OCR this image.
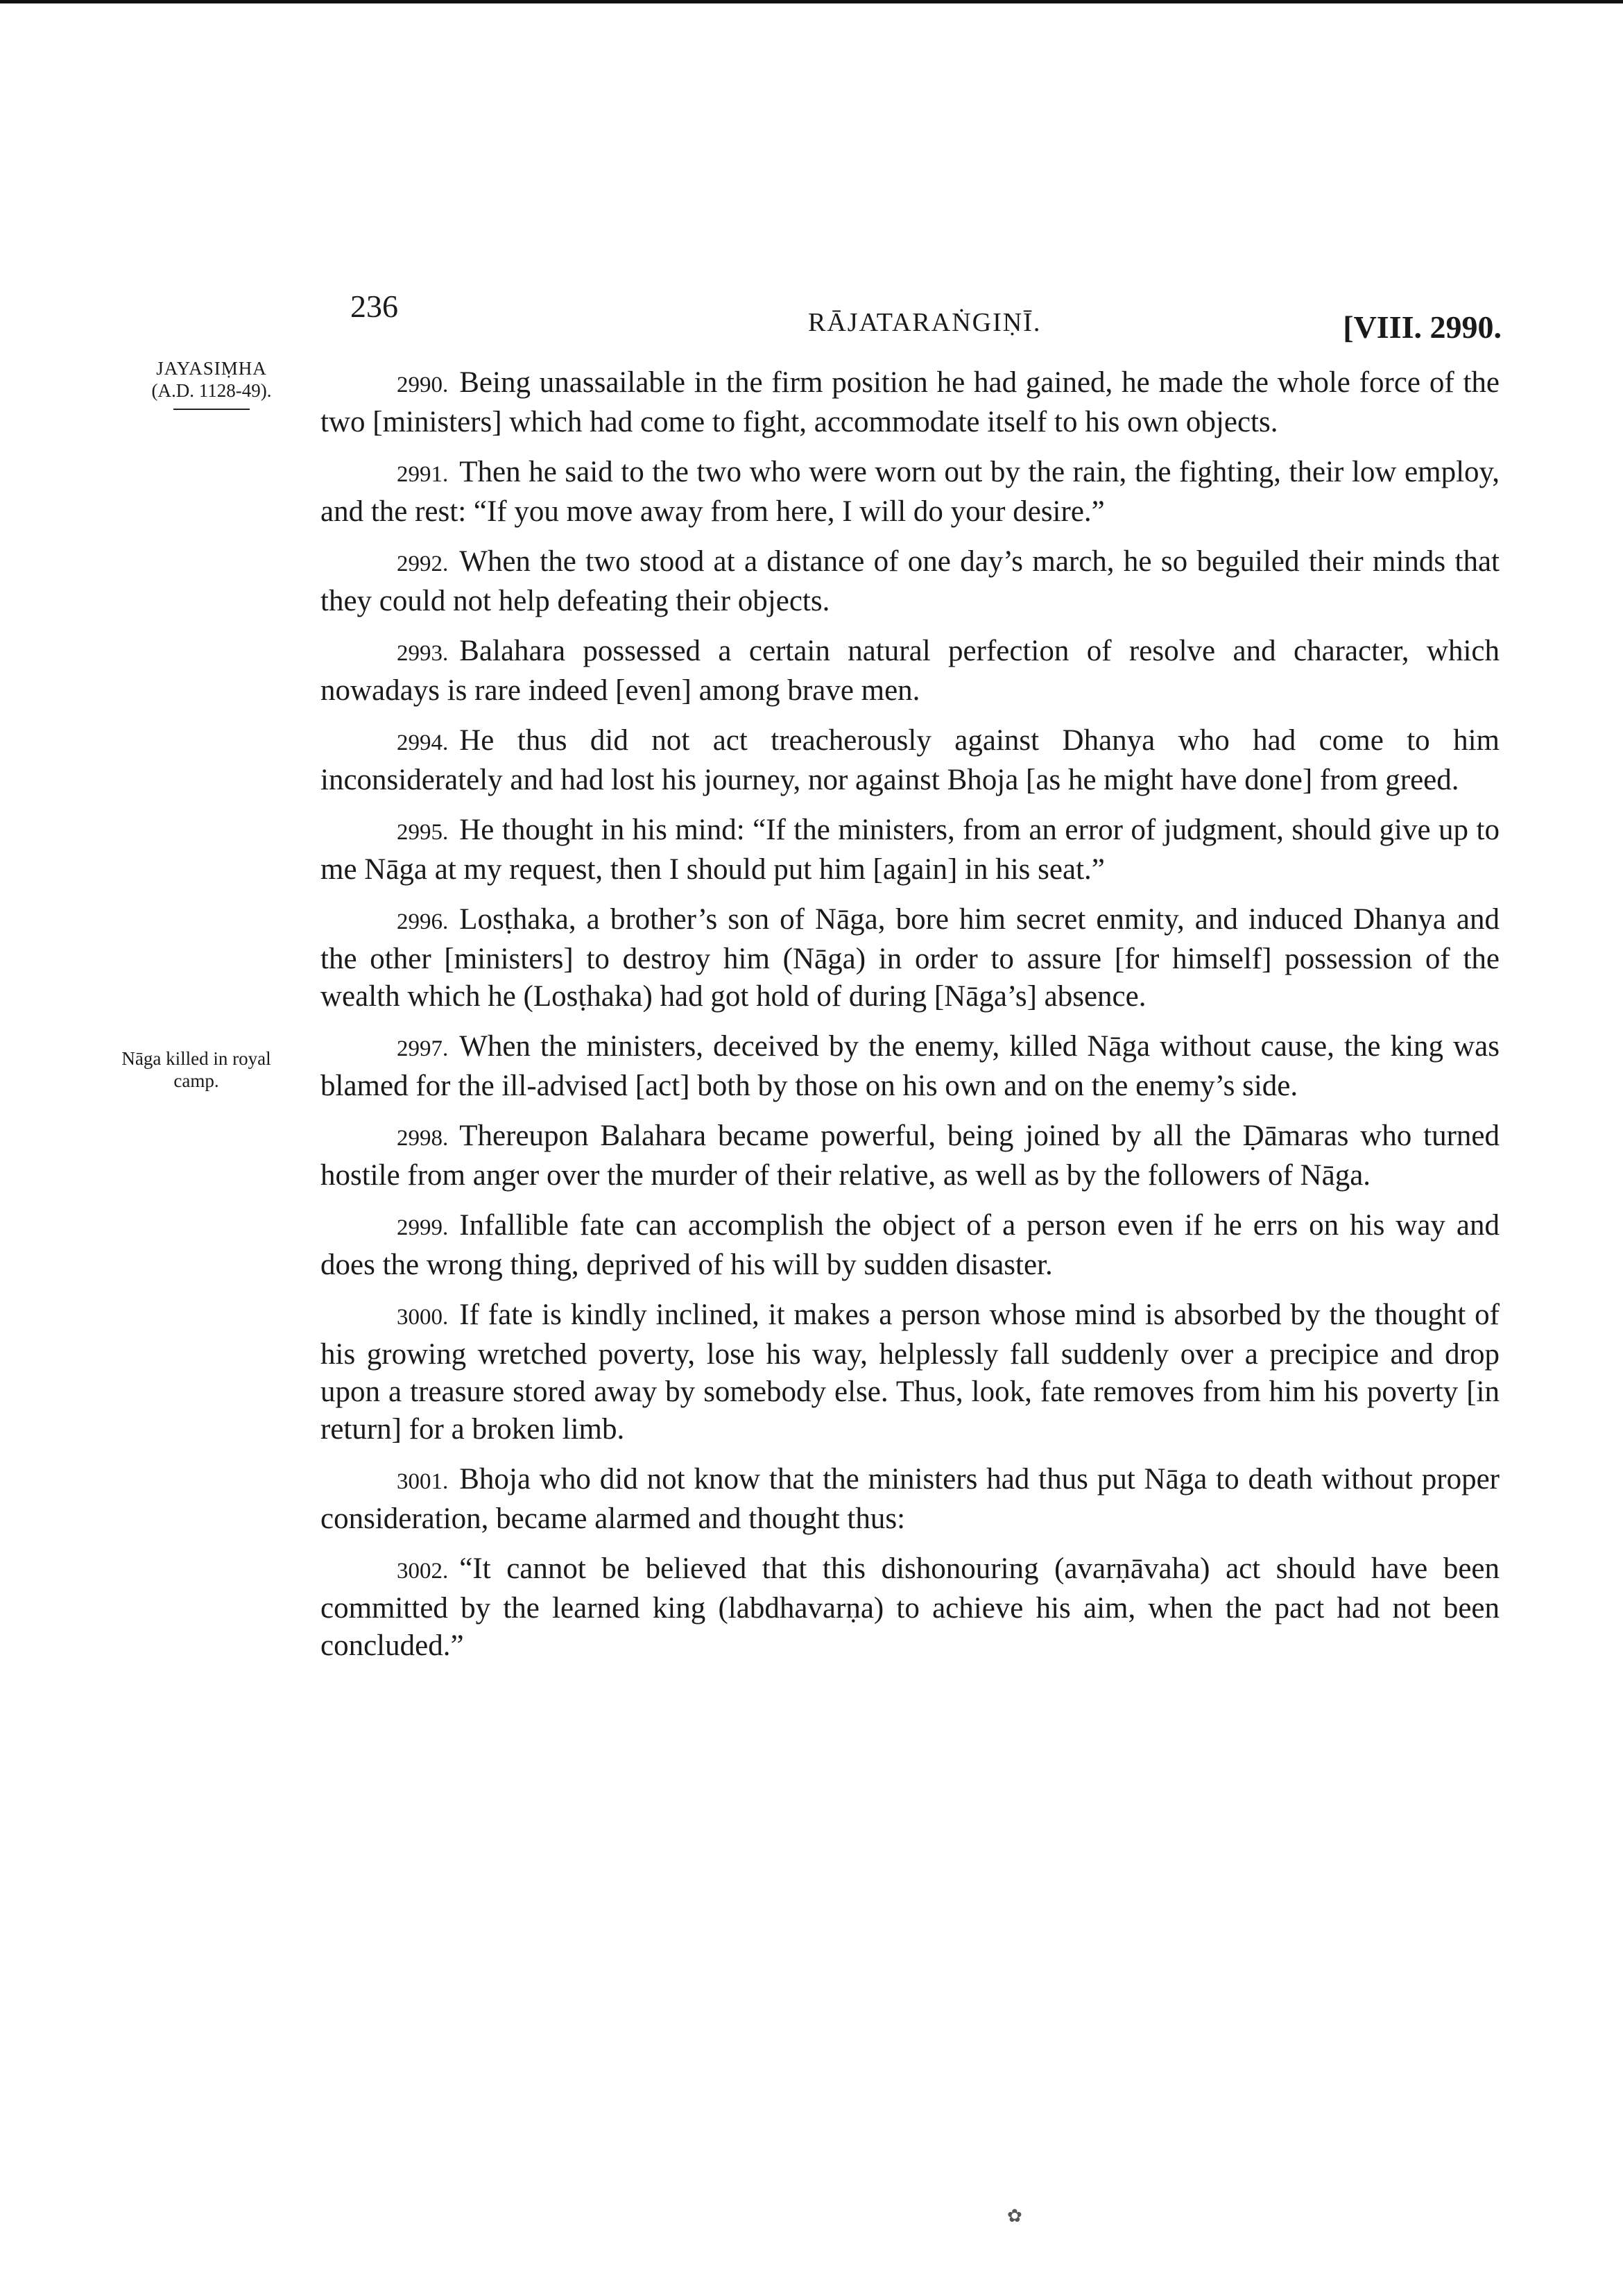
236	RĀJATARAṄGIṆĪ.	[VIII. 2990.
JAYASIṂHA
(A.D. 1128-49).
Nāga killed in royal
camp.

2990. Being unassailable in the firm position he had gained, he made the whole force of the two [ministers] which had come to fight, accommodate itself to his own objects.

2991. Then he said to the two who were worn out by the rain, the fighting, their low employ, and the rest: “If you move away from here, I will do your desire.”

2992. When the two stood at a distance of one day’s march, he so beguiled their minds that they could not help defeating their objects.

2993. Balahara possessed a certain natural perfection of resolve and character, which nowadays is rare indeed [even] among brave men.

2994. He thus did not act treacherously against Dhanya who had come to him inconsiderately and had lost his journey, nor against Bhoja [as he might have done] from greed.

2995. He thought in his mind: “If the ministers, from an error of judgment, should give up to me Nāga at my request, then I should put him [again] in his seat.”

2996. Losṭhaka, a brother’s son of Nāga, bore him secret enmity, and induced Dhanya and the other [ministers] to destroy him (Nāga) in order to assure [for himself] possession of the wealth which he (Losṭhaka) had got hold of during [Nāga’s] absence.

2997. When the ministers, deceived by the enemy, killed Nāga without cause, the king was blamed for the ill-advised [act] both by those on his own and on the enemy’s side.

2998. Thereupon Balahara became powerful, being joined by all the Ḍāmaras who turned hostile from anger over the murder of their relative, as well as by the followers of Nāga.

2999. Infallible fate can accomplish the object of a person even if he errs on his way and does the wrong thing, deprived of his will by sudden disaster.

3000. If fate is kindly inclined, it makes a person whose mind is absorbed by the thought of his growing wretched poverty, lose his way, helplessly fall suddenly over a precipice and drop upon a treasure stored away by somebody else. Thus, look, fate removes from him his poverty [in return] for a broken limb.

3001. Bhoja who did not know that the ministers had thus put Nāga to death without proper consideration, became alarmed and thought thus:

3002. “It cannot be believed that this dishonouring (avarṇāvaha) act should have been committed by the learned king (labdhavarṇa) to achieve his aim, when the pact had not been concluded.”

✿
